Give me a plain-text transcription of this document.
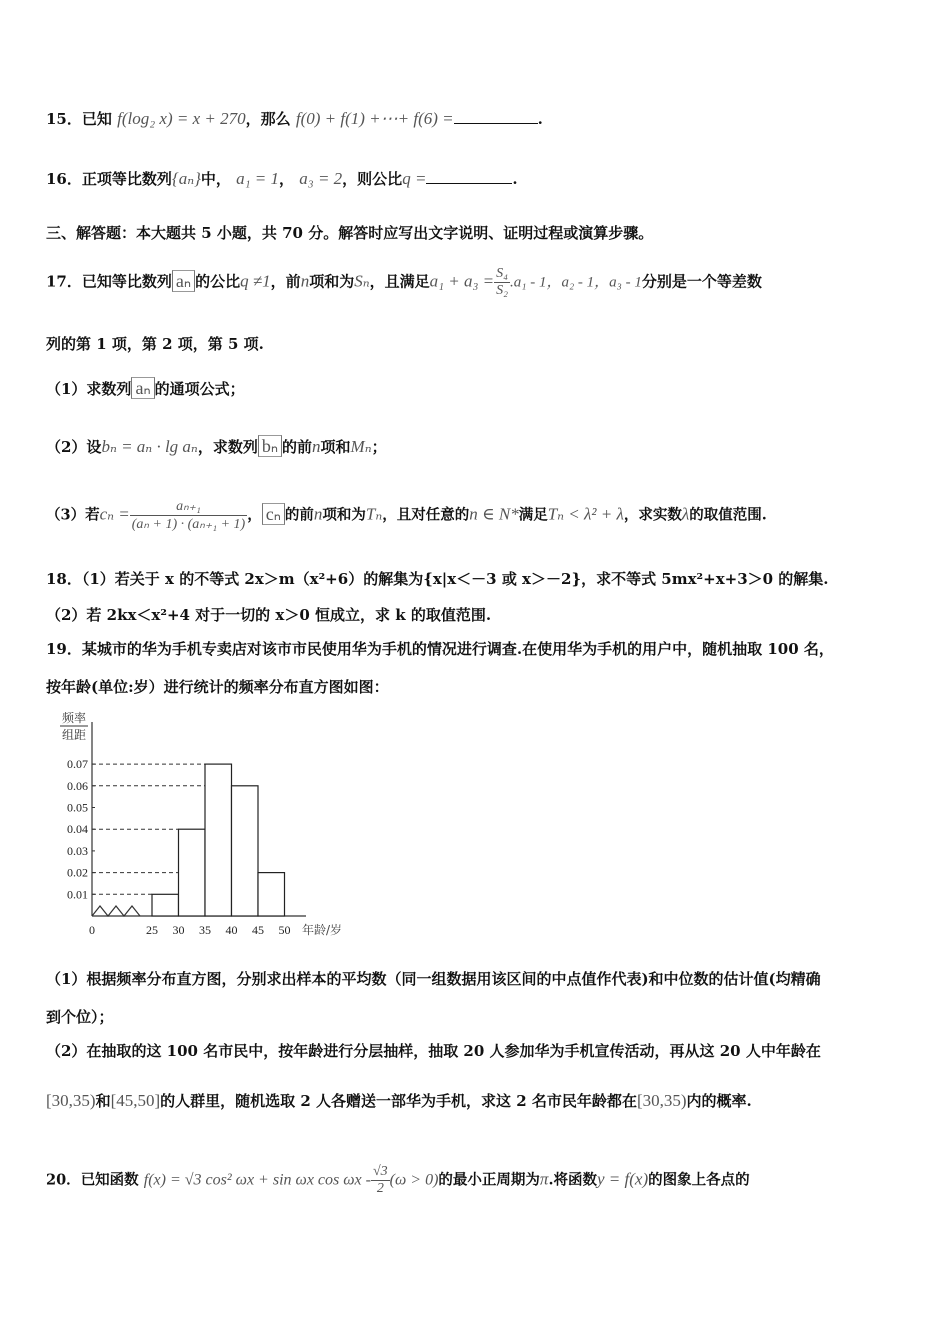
15．已知 f(log₂ x) = x + 270，那么 f(0) + f(1) +⋯+ f(6) =	.
16．正项等比数列{aₙ}中， a₁ = 1， a₃ = 2，则公比q =	.
三、解答题：本大题共 5 小题，共 70 分。解答时应写出文字说明、证明过程或演算步骤。
17．已知等比数列 aₙ 的公比q ≠1，前n项和为Sₙ，且满足$a_1 + a_3 = \frac{\text{S₄}}{\text{S₂}} .a_1 - 1$，a₂ - 1，a₃ - 1分别是一个等差数
列的第 1 项，第 2 项，第 5 项.
（1）求数列 aₙ 的通项公式；
（2）设bₙ = aₙ · lg aₙ，求数列 bₙ 的前n项和Mₙ；
（3）若$c_n = \frac{\text{aₙ₊₁}}{\text{(aₙ + 1) · (aₙ₊₁ + 1)}}$ ， cₙ 的前n项和为Tₙ，且对任意的n ∈ N*满足Tₙ < λ² + λ，求实数λ的取值范围.
18．（1）若关于 x 的不等式 2x＞m（x²+6）的解集为{x|x＜－3 或 x＞－2}，求不等式 5mx²+x+3＞0 的解集.
（2）若 2kx＜x²+4 对于一切的 x＞0 恒成立，求 k 的取值范围.
19．某城市的华为手机专卖店对该市市民使用华为手机的情况进行调查.在使用华为手机的用户中，随机抽取 100 名，
按年龄(单位:岁）进行统计的频率分布直方图如图：
频率
组距
0.01
0.02
0.03
0.04
0.05
0.06
0.07
0	25 30 35 40 45 50 年龄/岁
（1）根据频率分布直方图，分别求出样本的平均数（同一组数据用该区间的中点值作代表)和中位数的估计值(均精确
到个位）；
（2）在抽取的这 100 名市民中，按年龄进行分层抽样，抽取 20 人参加华为手机宣传活动，再从这 20 人中年龄在
[30,35)和[45,50]的人群里，随机选取 2 人各赠送一部华为手机，求这 2 名市民年龄都在[30,35)内的概率.
20．已知函数 f(x) = √3 cos² ωx + sin ωx $\cos \omega x - \frac{√3}{2} (\omega > 0)$的最小正周期为π.将函数y = f(x)的图象上各点的
